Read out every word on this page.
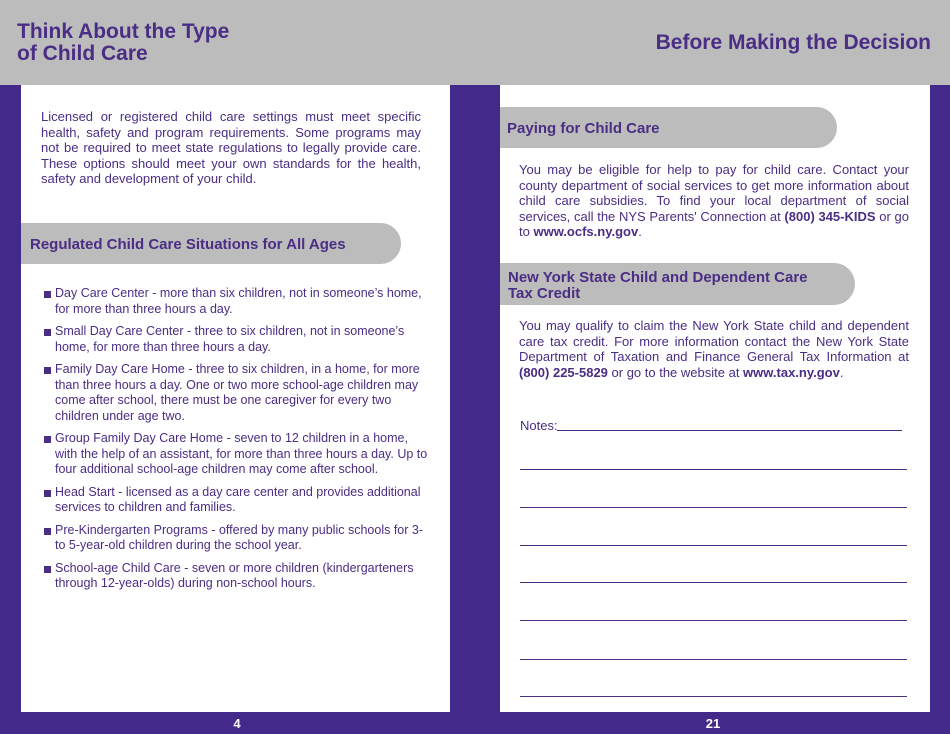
Think About the Type
of Child Care	Before Making the Decision

Licensed or registered child care settings must meet specific health, safety and program requirements. Some programs may not be required to meet state regulations to legally provide care. These options should meet your own standards for the health, safety and development of your child.

Regulated Child Care Situations for All Ages
Day Care Center - more than six children, not in someone’s home, for more than three hours a day.
Small Day Care Center - three to six children, not in someone’s home, for more than three hours a day.
Family Day Care Home - three to six children, in a home, for more than three hours a day. One or two more school-age children may come after school, there must be one caregiver for every two children under age two.
Group Family Day Care Home - seven to 12 children in a home, with the help of an assistant, for more than three hours a day. Up to four additional school-age children may come after school.
Head Start - licensed as a day care center and provides additional services to children and families.
Pre-Kindergarten Programs - offered by many public schools for 3- to 5-year-old children during the school year.
School-age Child Care - seven or more children (kindergarteners through 12-year-olds) during non-school hours.
Paying for Child Care

You may be eligible for help to pay for child care. Contact your county department of social services to get more information about child care subsidies. To find your local department of social services, call the NYS Parents' Connection at (800) 345-KIDS or go to www.ocfs.ny.gov.

New York State Child and Dependent Care
Tax Credit

You may qualify to claim the New York State child and dependent care tax credit. For more information contact the New York State Department of Taxation and Finance General Tax Information at (800) 225-5829 or go to the website at www.tax.ny.gov.

Notes:
4	21
